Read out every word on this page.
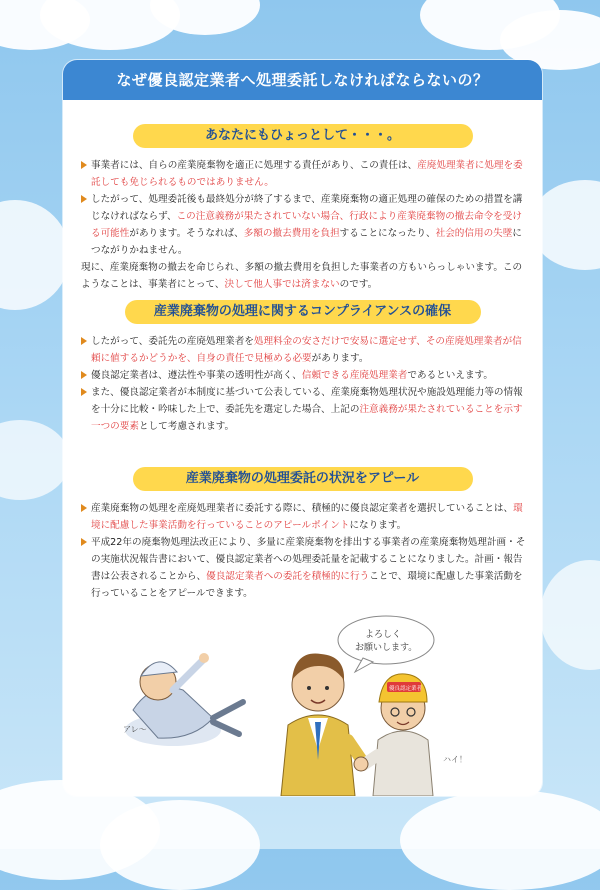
なぜ優良認定業者へ処理委託しなければならないの？
あなたにもひょっとして・・・。

事業者には、自らの産業廃棄物を適正に処理する責任があり、この責任は、産廃処理業者に処理を委託しても免じられるものではありません。

したがって、処理委託後も最終処分が終了するまで、産業廃棄物の適正処理の確保のための措置を講じなければならず、この注意義務が果たされていない場合、行政により産業廃棄物の撤去命令を受ける可能性があります。そうなれば、多額の撤去費用を負担することになったり、社会的信用の失墜につながりかねません。

現に、産業廃棄物の撤去を命じられ、多額の撤去費用を負担した事業者の方もいらっしゃいます。このようなことは、事業者にとって、決して他人事では済まないのです。

産業廃棄物の処理に関するコンプライアンスの確保

したがって、委託先の産廃処理業者を処理料金の安さだけで安易に選定せず、その産廃処理業者が信頼に値するかどうかを、自身の責任で見極める必要があります。

優良認定業者は、遵法性や事業の透明性が高く、信頼できる産廃処理業者であるといえます。

また、優良認定業者が本制度に基づいて公表している、産業廃棄物処理状況や施設処理能力等の情報を十分に比較・吟味した上で、委託先を選定した場合、上記の注意義務が果たされていることを示す一つの要素として考慮されます。

産業廃棄物の処理委託の状況をアピール

産業廃棄物の処理を産廃処理業者に委託する際に、積極的に優良認定業者を選択していることは、環境に配慮した事業活動を行っていることのアピールポイントになります。

平成22年の廃棄物処理法改正により、多量に産業廃棄物を排出する事業者の産業廃棄物処理計画・その実施状況報告書において、優良認定業者への処理委託量を記載することになりました。計画・報告書は公表されることから、優良認定業者への委託を積極的に行うことで、環境に配慮した事業活動を行っていることをアピールできます。

アレ～
よろしく
お願いします。
優良認定業者
ハイ！
